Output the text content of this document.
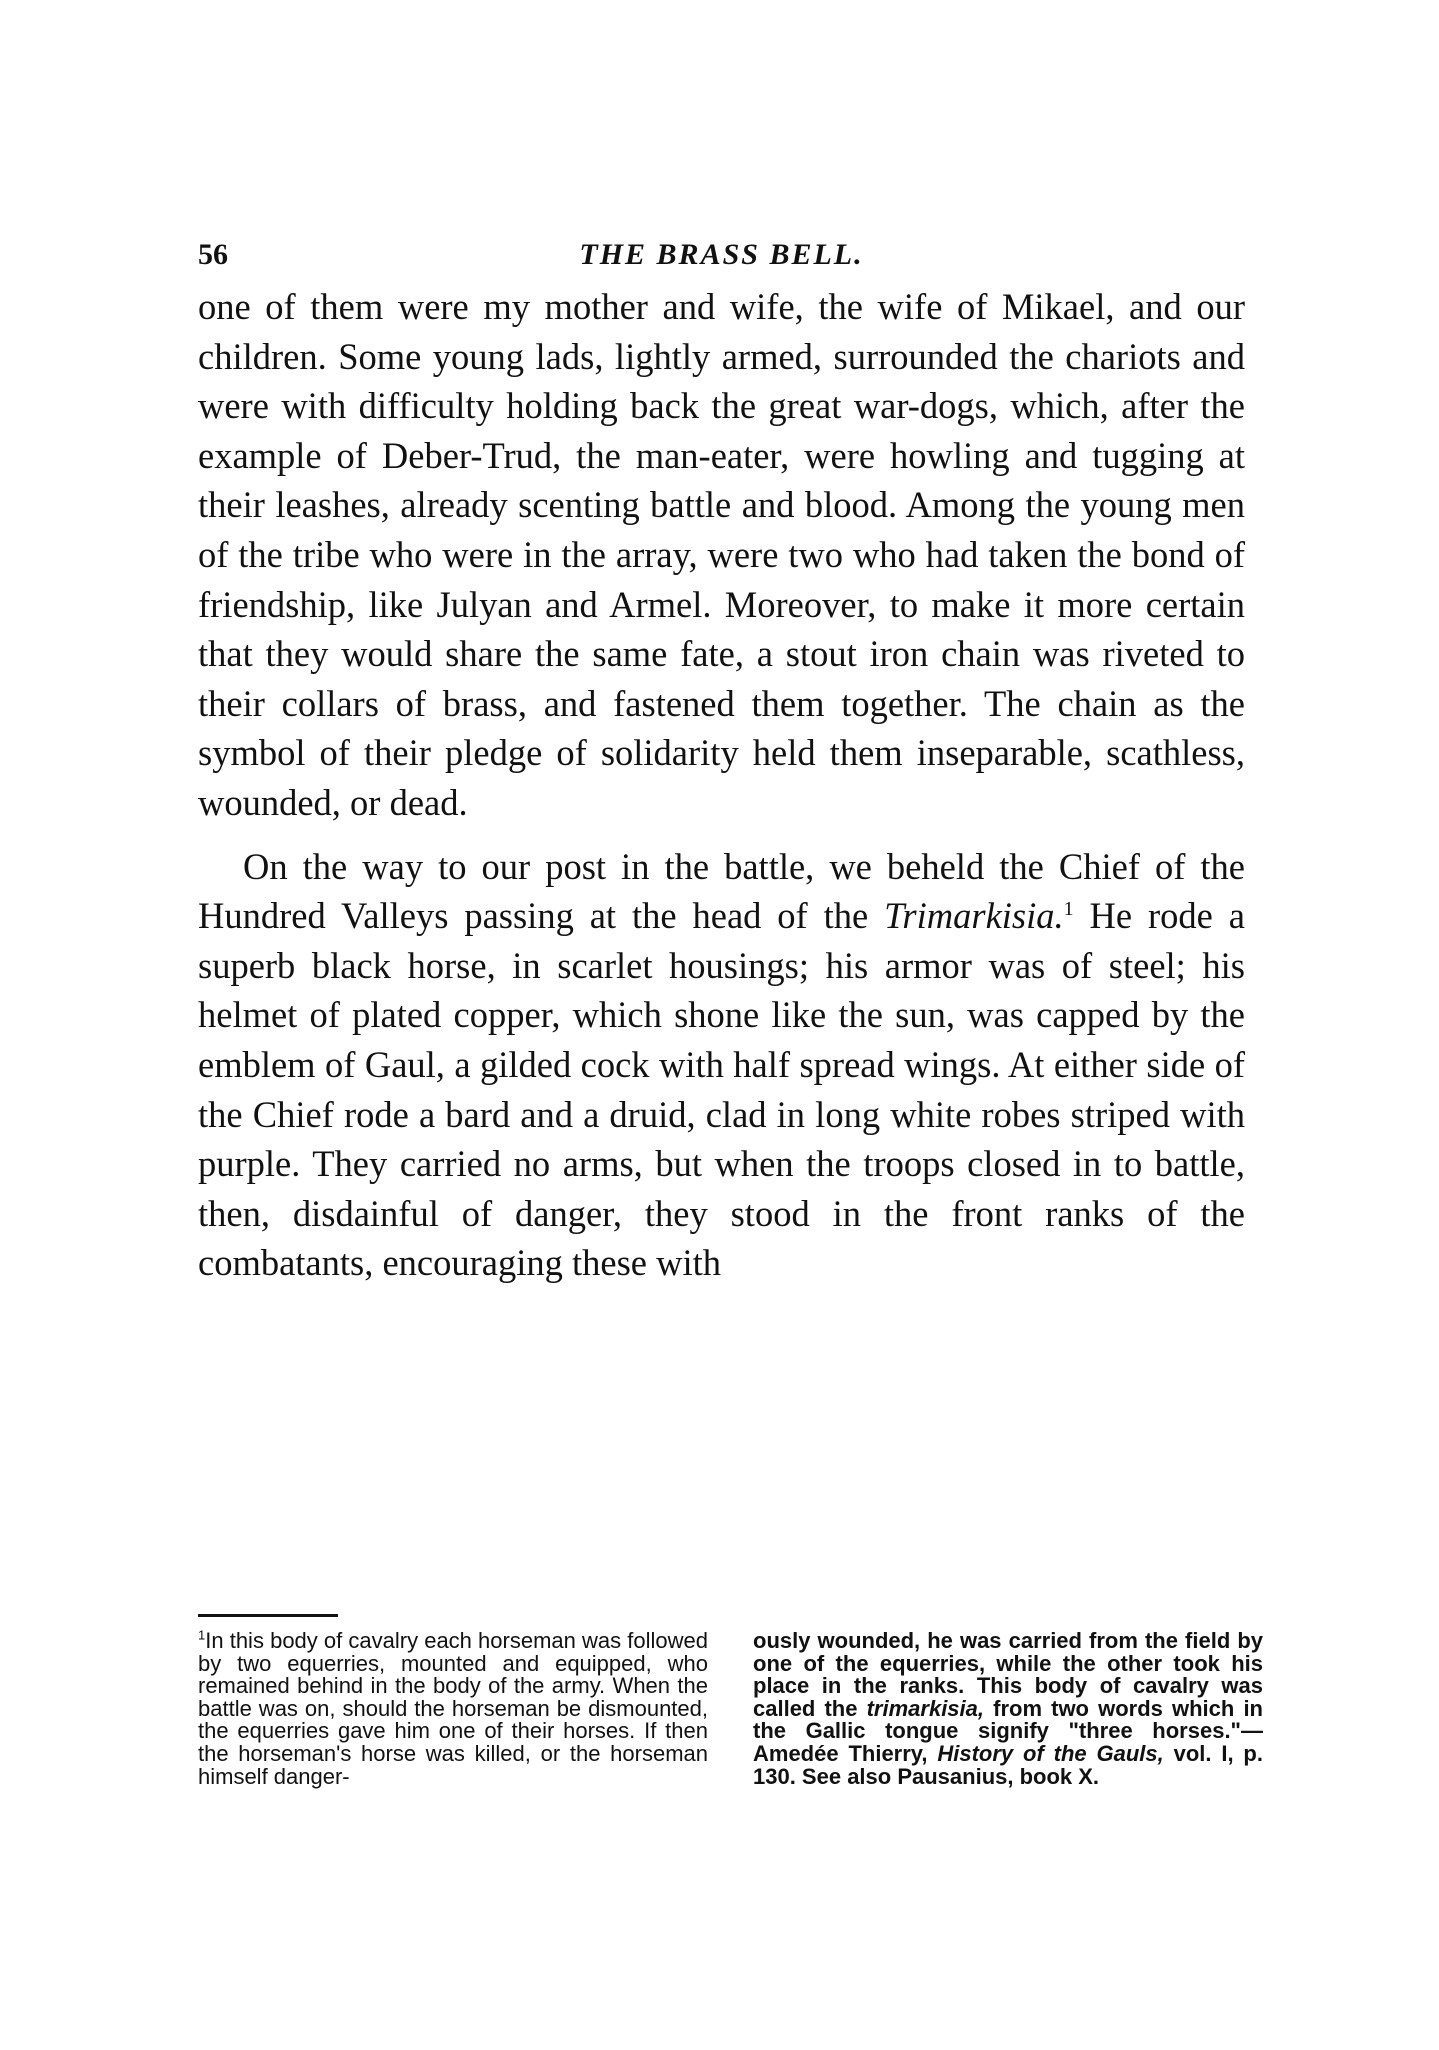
56	THE BRASS BELL.

one of them were my mother and wife, the wife of Mikael, and our children. Some young lads, lightly armed, surrounded the chariots and were with difficulty holding back the great war-dogs, which, after the example of Deber-Trud, the man-eater, were howling and tugging at their leashes, already scenting battle and blood. Among the young men of the tribe who were in the array, were two who had taken the bond of friendship, like Julyan and Armel. Moreover, to make it more certain that they would share the same fate, a stout iron chain was riveted to their collars of brass, and fastened them together. The chain as the symbol of their pledge of solidarity held them inseparable, scathless, wounded, or dead.

On the way to our post in the battle, we beheld the Chief of the Hundred Valleys passing at the head of the Trimarkisia.$^1$ He rode a superb black horse, in scarlet housings; his armor was of steel; his helmet of plated copper, which shone like the sun, was capped by the emblem of Gaul, a gilded cock with half spread wings. At either side of the Chief rode a bard and a druid, clad in long white robes striped with purple. They carried no arms, but when the troops closed in to battle, then, disdainful of danger, they stood in the front ranks of the combatants, encouraging these with

$^1$In this body of cavalry each horseman was followed by two equerries, mounted and equipped, who remained behind in the body of the army. When the battle was on, should the horseman be dismounted, the equerries gave him one of their horses. If then the horseman's horse was killed, or the horseman himself danger-

ously wounded, he was carried from the field by one of the equerries, while the other took his place in the ranks. This body of cavalry was called the trimarkisia, from two words which in the Gallic tongue signify "three horses."—Amedée Thierry, History of the Gauls, vol. I, p. 130. See also Pausanius, book X.
